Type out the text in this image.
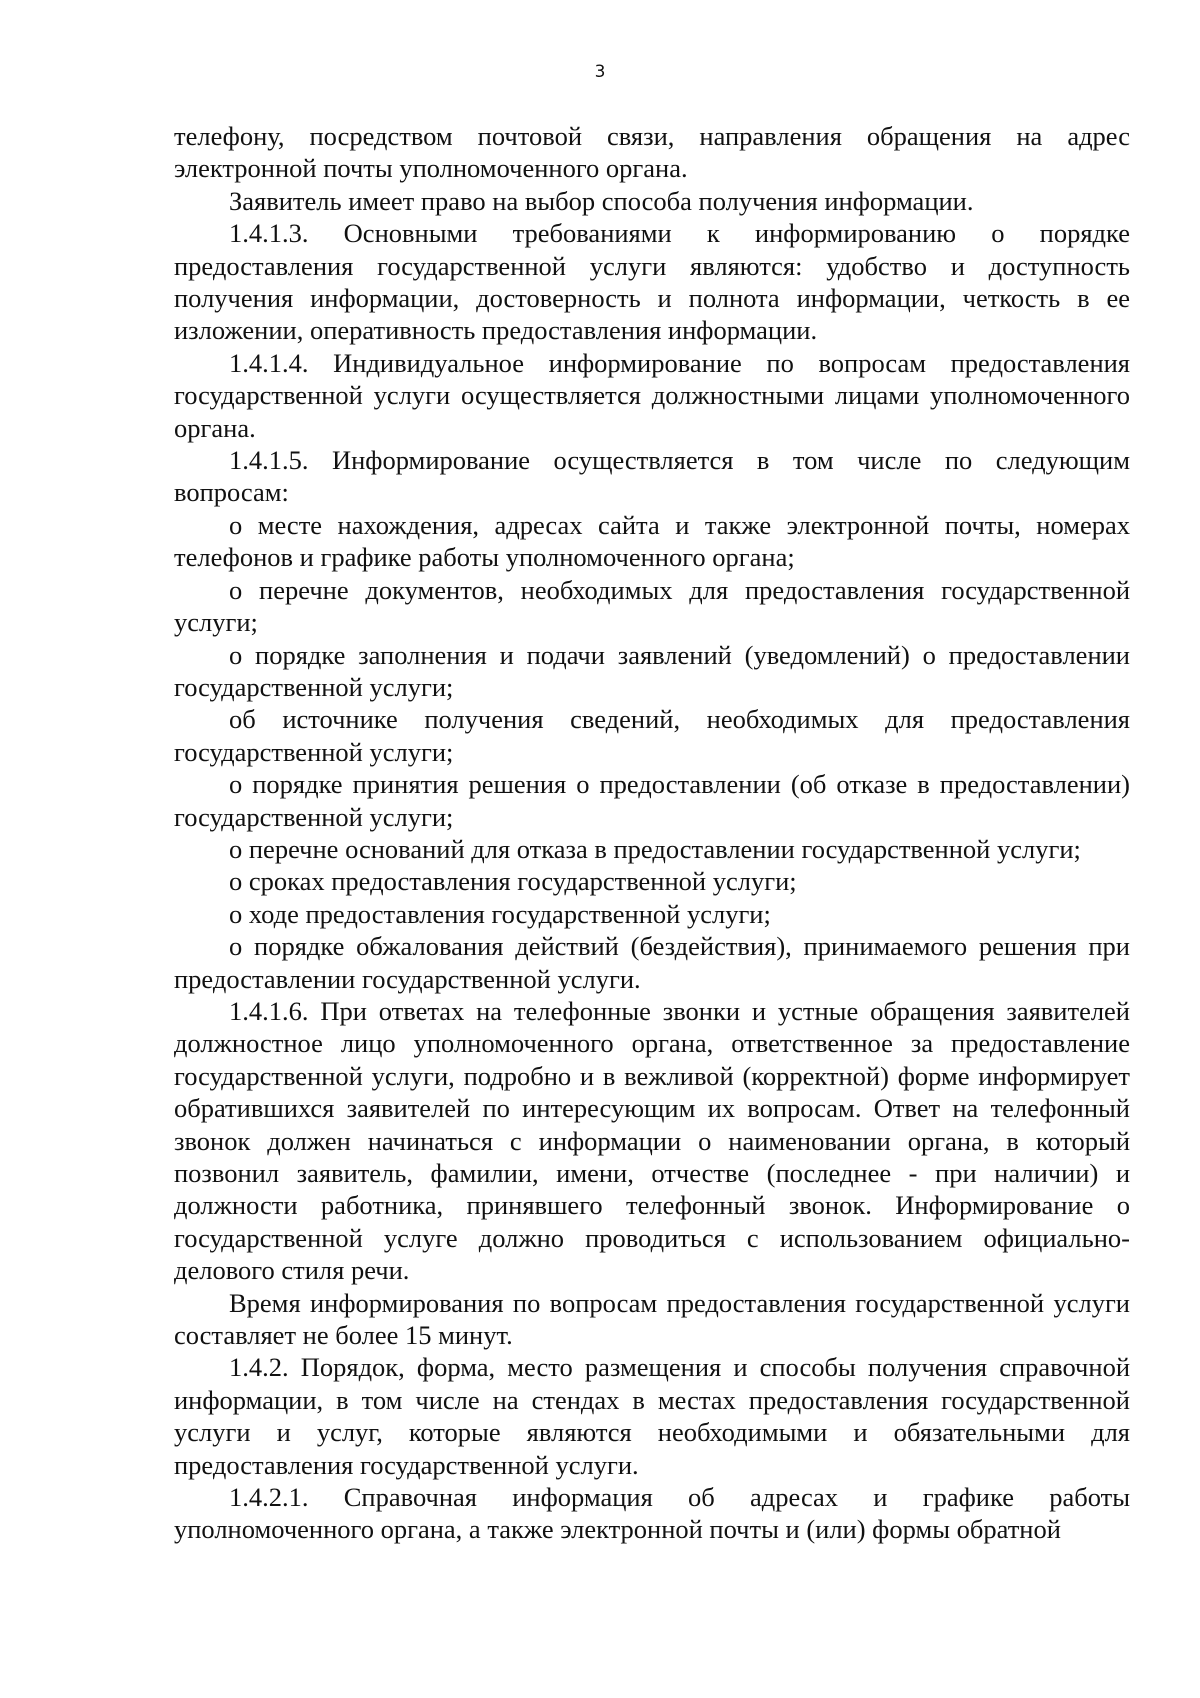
3

телефону, посредством почтовой связи, направления обращения на адрес электронной почты уполномоченного органа.

Заявитель имеет право на выбор способа получения информации.

1.4.1.3. Основными требованиями к информированию о порядке предоставления государственной услуги являются: удобство и доступность получения информации, достоверность и полнота информации, четкость в ее изложении, оперативность предоставления информации.

1.4.1.4. Индивидуальное информирование по вопросам предоставления государственной услуги осуществляется должностными лицами уполномоченного органа.

1.4.1.5. Информирование осуществляется в том числе по следующим вопросам:

о месте нахождения, адресах сайта и также электронной почты, номерах телефонов и графике работы уполномоченного органа;

о перечне документов, необходимых для предоставления государственной услуги;

о порядке заполнения и подачи заявлений (уведомлений) о предоставлении государственной услуги;

об источнике получения сведений, необходимых для предоставления государственной услуги;

о порядке принятия решения о предоставлении (об отказе в предоставлении) государственной услуги;

о перечне оснований для отказа в предоставлении государственной услуги;

о сроках предоставления государственной услуги;

о ходе предоставления государственной услуги;

о порядке обжалования действий (бездействия), принимаемого решения при предоставлении государственной услуги.

1.4.1.6. При ответах на телефонные звонки и устные обращения заявителей должностное лицо уполномоченного органа, ответственное за предоставление государственной услуги, подробно и в вежливой (корректной) форме информирует обратившихся заявителей по интересующим их вопросам. Ответ на телефонный звонок должен начинаться с информации о наименовании органа, в который позвонил заявитель, фамилии, имени, отчестве (последнее - при наличии) и должности работника, принявшего телефонный звонок. Информирование о государственной услуге должно проводиться с использованием официально-делового стиля речи.

Время информирования по вопросам предоставления государственной услуги составляет не более 15 минут.

1.4.2. Порядок, форма, место размещения и способы получения справочной информации, в том числе на стендах в местах предоставления государственной услуги и услуг, которые являются необходимыми и обязательными для предоставления государственной услуги.

1.4.2.1. Справочная информация об адресах и графике работы уполномоченного органа, а также электронной почты и (или) формы обратной
